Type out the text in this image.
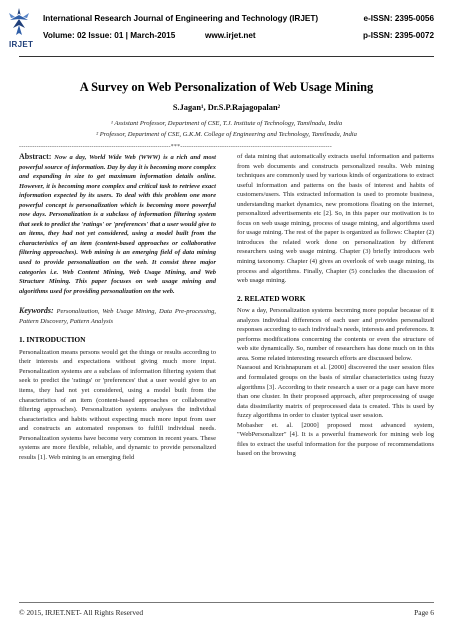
IRJET
International Research Journal of Engineering and Technology (IRJET)	e-ISSN: 2395-0056
Volume: 02 Issue: 01 | March-2015	www.irjet.net	p-ISSN: 2395-0072
A Survey on Web Personalization of Web Usage Mining
S.Jagan¹, Dr.S.P.Rajagopalan²
¹ Assistant Professor, Department of CSE, T.J. Institute of Technology, Tamilnadu, India
² Professor, Department of CSE, G.K.M. College of Engineering and Technology, Tamilnadu, India
---------------------------------------------------------------------***---------------------------------------------------------------------

Abstract: Now a day, World Wide Web (WWW) is a rich and most powerful source of information. Day by day it is becoming more complex and expanding in size to get maximum information details online. However, it is becoming more complex and critical task to retrieve exact information expected by its users. To deal with this problem one more powerful concept is personalization which is becoming more powerful now days. Personalization is a subclass of information filtering system that seek to predict the 'ratings' or 'preferences' that a user would give to an items, they had not yet considered, using a model built from the characteristics of an item (content-based approaches or collaborative filtering approaches). Web mining is an emerging field of data mining used to provide personalization on the web. It consist three major categories i.e. Web Content Mining, Web Usage Mining, and Web Structure Mining. This paper focuses on web usage mining and algorithms used for providing personalization on the web.

Keywords: Personalization, Web Usage Mining, Data Pre-processing, Pattern Discovery, Pattern Analysis

1. INTRODUCTION

Personalization means persons would get the things or results according to their interests and expectations without giving much more input. Personalization systems are a subclass of information filtering system that seek to predict the 'ratings' or 'preferences' that a user would give to an items, they had not yet considered, using a model built from the characteristics of an item (content-based approaches or collaborative filtering approaches). Personalization systems analyses the individual characteristics and habits without expecting much more input from user and constructs an automated responses to fulfill individual needs. Personalization systems have become very common in recent years. These systems are more flexible, reliable, and dynamic to provide personalized results [1]. Web mining is an emerging field

of data mining that automatically extracts useful information and patterns from web documents and constructs personalized results. Web mining techniques are commonly used by various kinds of organizations to extract useful information and patterns on the basis of interest and habits of customers/users. This extracted information is used to promote business, understanding market dynamics, new promotions floating on the internet, personalized advertisements etc [2]. So, in this paper our motivation is to focus on web usage mining, process of usage mining, and algorithms used for usage mining. The rest of the paper is organized as follows: Chapter (2) introduces the related work done on personalization by different researchers using web usage mining. Chapter (3) briefly introduces web mining taxonomy. Chapter (4) gives an overlook of web usage mining, its process and algorithms. Finally, Chapter (5) concludes the discussion of web usage mining.

2. RELATED WORK

Now a day, Personalization systems becoming more popular because of it analyzes individual differences of each user and provides personalized responses according to each individual's needs, interests and preferences. It performs modifications concerning the contents or even the structure of web site dynamically. So, number of researchers has done much on in this area. Some related interesting research efforts are discussed below.

Nasraoui and Krishnapuram et al. [2000] discovered the user session files and formulated groups on the basis of similar characteristics using fuzzy algorithms [3]. According to their research a user or a page can have more than one cluster. In their proposed approach, after preprocessing of usage data dissimilarity matrix of preprocessed data is created. This is used by fuzzy algorithms in order to cluster typical user session.

Mobasher et. al. [2000] proposed most advanced system, "WebPersonalizer" [4]. It is a powerful framework for mining web log files to extract the useful information for the purpose of recommendations based on the browsing

© 2015, IRJET.NET- All Rights Reserved	Page 6
